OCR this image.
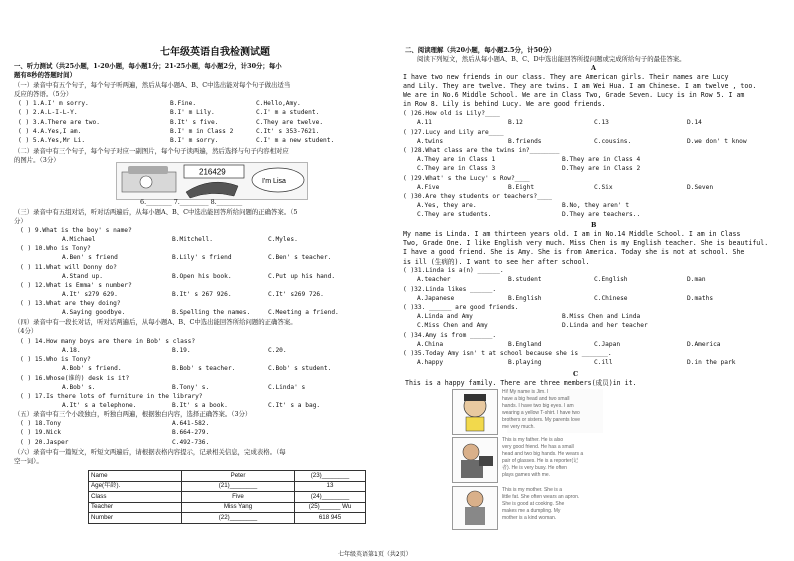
七年级英语自我检测试题
一、听力测试（共25小题，1-20小题，每小题1分；21-25小题，每小题2分，计30分；每小
题有8秒的答题时间）
（一）录音中有五个句子，每个句子听两遍，然后从每小题A、B、C中选出能对每个句子做出适当
反应的答语。（5分）
（二）录音中有三个句子，每个句子对应一副图片，每个句子读两遍，然后选择与句子内容相对应
的图片。（3分）
216429
I'm Lisa
6.________ 7._________ 8.________
（三）录音中有五组对话，听对话两遍后，从每小题A、B、C中选出能回答所给问题的正确答案。（5
分）
（四）录音中有一段长对话，听对话两遍后，从每小题A、B、C中选出能回答所给问题的正确答案。
（4分）
（五）录音中有三个小段独白，听独白两遍，根据独白内容，选择正确答案。（3分）
（六）录音中有一篇短文，听短文两遍后，请根据表格内容提示，记录相关信息，完成表格。（每
空一词）。
Name	Peter	(23)________
Age(年龄).	(21)________	13
Class	Five	(24)________
Teacher	Miss Yang	(25)______ Wu
Number	(22)________	618 945
( ) 1.A.I' m sorry.	B.Fine.	C.Hello,Amy.
( ) 2.A.L-I-L-Y.	B.I' m Lily.	C.I' m a student.
( ) 3.A.There are two.	B.It' s five.	C.They are twelve.
( ) 4.A.Yes,I am.	B.I' m in Class 2	C.It' s 353-7621.
( ) 5.A.Yes,Mr Li.	B.I' m sorry.	C.I' m a new student.
( ) 9.What is the boy' s name?
A.Michael	B.Mitchell.	C.Myles.
( ) 10.Who is Tony?
A.Ben' s friend	B.Lily' s friend	C.Ben' s teacher.
( ) 11.What will Donny do?
A.Stand up.	B.Open his book.	C.Put up his hand.
( ) 12.What is Emma' s number?
A.It' s279 629.	B.It' s 267 926.	C.It' s269 726.
( ) 13.What are they doing?
A.Saying goodbye.	B.Spelling the names.	C.Meeting a friend.
( ) 14.How many boys are there in Bob' s class?
A.18.	B.19.	C.20.
( ) 15.Who is Tony?
A.Bob' s friend.	B.Bob' s teacher.	C.Bob' s student.
( ) 16.Whose(谁的) desk is it?
A.Bob' s.	B.Tony' s.	C.Linda' s
( ) 17.Is there lots of furniture in the library?
A.It' s a telephone.	B.It' s a book.	C.It' s a bag.
( ) 18.Tony	A.641-582.
( ) 19.Nick	B.664-279.
( ) 20.Jasper	C.492-736.
二、阅读理解（共20小题，每小题2.5分，计50分）
阅读下列短文，然后从每小题A、B、C、D中选出能回答所提问题或完成所给句子的最佳答案。
A
B
C
This is a happy family. There are three members(成员)in it.
I have two new friends in our class. They are American girls. Their names are Lucy
and Lily. They are twelve. They are twins. I am Wei Hua. I am Chinese. I am twelve , too.
We are in No.6 Middle School. We are in Class Two, Grade Seven. Lucy is in Row 5. I am
in Row 8. Lily is behind Lucy. We are good friends.
( )26.How old is Lily?____
A.11	B.12	C.13	D.14
( )27.Lucy and Lily are____
A.twins	B.friends	C.cousins.	D.we don' t know
( )28.What class are the twins in?________
A.They are in Class 1	B.They are in Class 4
C.They are in Class 3	D.They are in Class 2
( )29.What' s the Lucy' s Row?____
A.Five	B.Eight	C.Six	D.Seven
( )30.Are they students or teachers?____
A.Yes, they are.	B.No, they aren' t
C.They are students.	D.They are teachers..
My name is Linda. I am thirteen years old. I am in No.14 Middle School. I am in Class
Two, Grade One. I like English very much. Miss Chen is my English teacher. She is beautiful.
I have a good friend. She is Amy. She is from America. Today she is not at school. She
is ill (生病的). I want to see her after school.
( )31.Linda is a(n) ______.
A.teacher	B.student	C.English	D.man
( )32.Linda likes ______.
A.Japanese	B.English	C.Chinese	D.maths
( )33. ______ are good friends.
A.Linda and Amy	B.Miss Chen and Linda
C.Miss Chen and Amy	D.Linda and her teacher
( )34.Amy is from ______.
A.China	B.England	C.Japan	D.America
( )35.Today Amy isn' t at school because she is _______.
A.happy	B.playing	C.ill	D.in the park
Hi! My name is Jim. I
have a big head and two small
hands. I have two big eyes. I am
wearing a yellow T-shirt. I have two
brothers or sisters. My parents love
me very much.
This is my father. He is also
very good friend. He has a small
head and two big hands. He wears a
pair of glasses. He is a reporter(记
者). He is very busy. He often
plays games with me.
This is my mother. She is a
little fat. She often wears an apron.
She is good at cooking. She
makes me a dumpling. My
mother is a kind woman.
七年级英语第1页（共2页）
